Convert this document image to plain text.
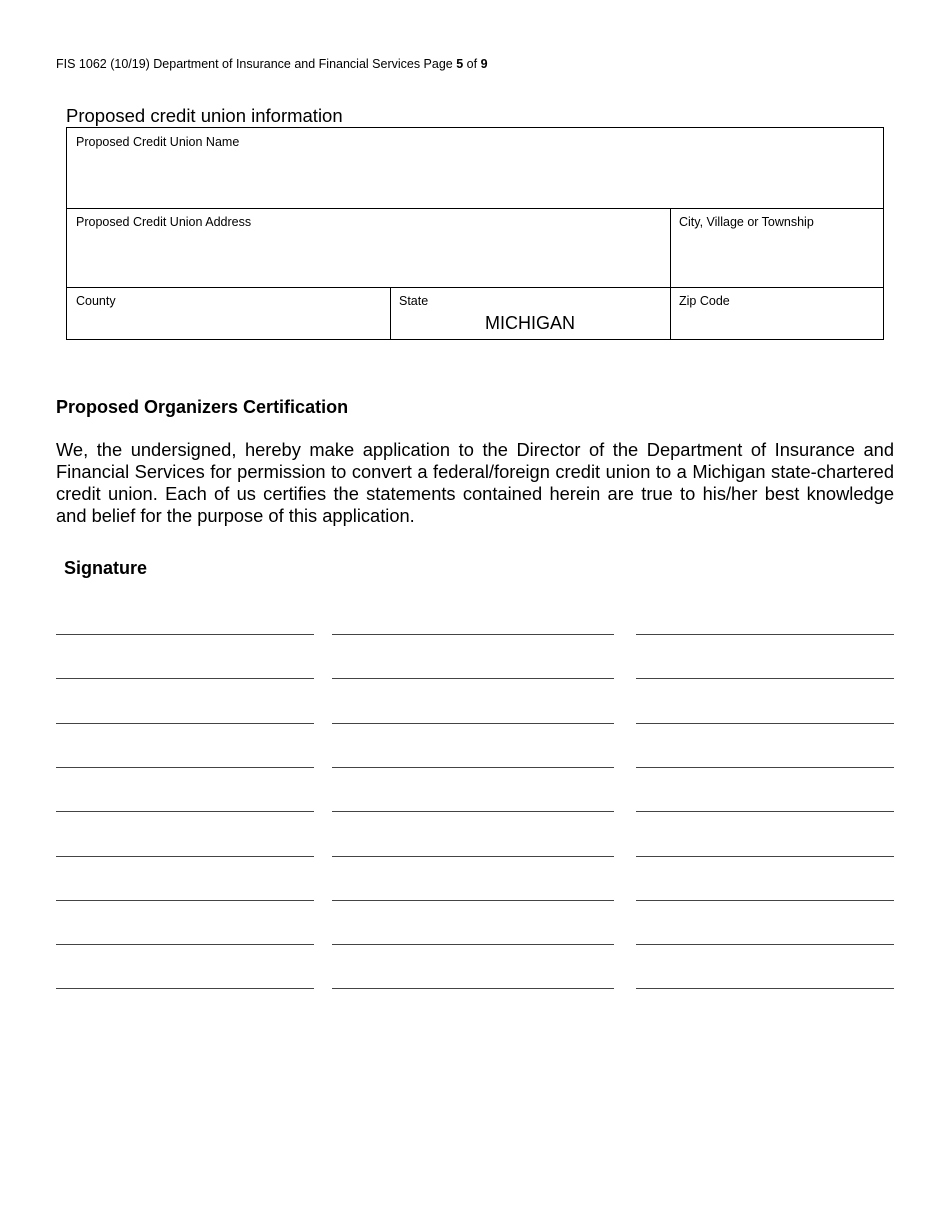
FIS 1062 (10/19) Department of Insurance and Financial Services Page 5 of 9
Proposed credit union information
Proposed Credit Union Name
Proposed Credit Union Address	City, Village or Township
County	State
MICHIGAN
Zip Code
Proposed Organizers Certification
We, the undersigned, hereby make application to the Director of the Department of Insurance and Financial Services for permission to convert a federal/foreign credit union to a Michigan state-chartered credit union. Each of us certifies the statements contained herein are true to his/her best knowledge and belief for the purpose of this application.
Signature
